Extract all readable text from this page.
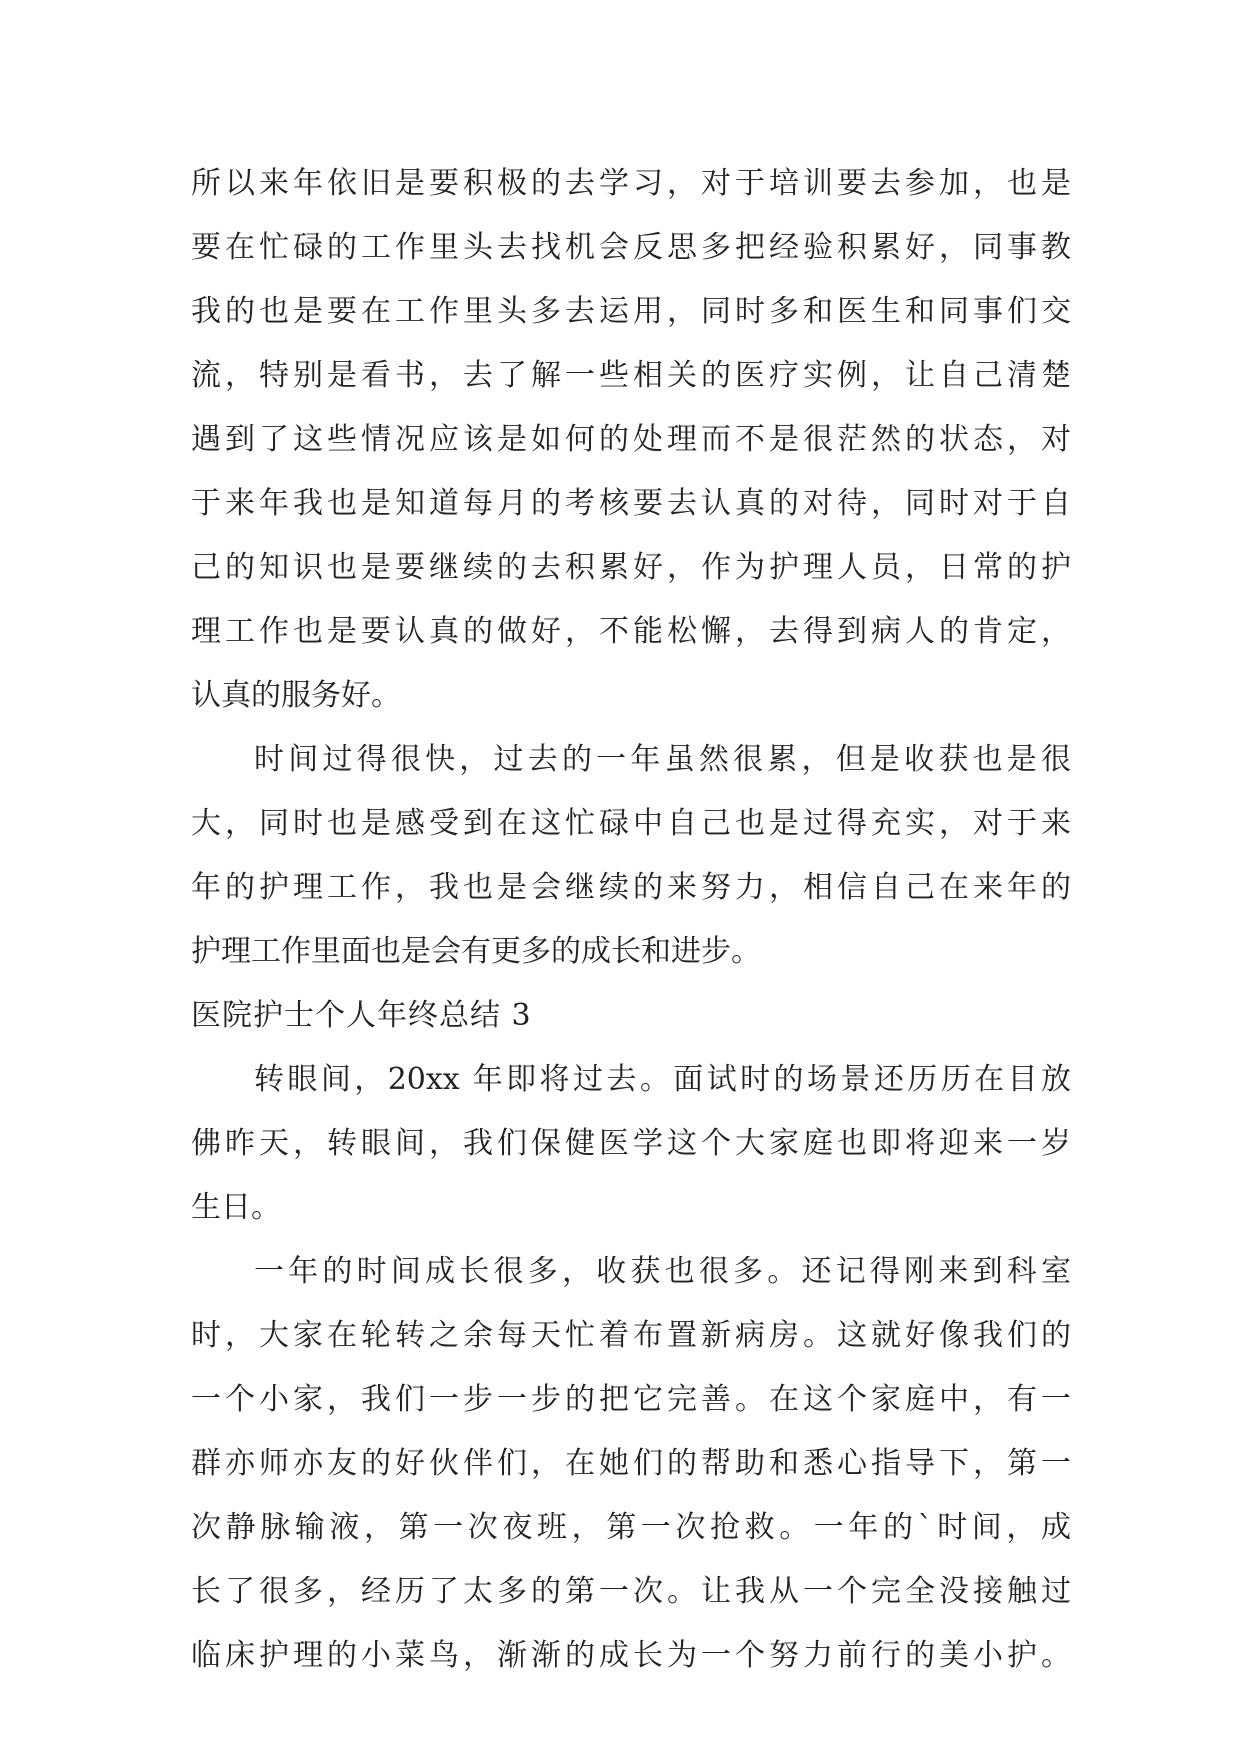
所以来年依旧是要积极的去学习，对于培训要去参加，也是
要在忙碌的工作里头去找机会反思多把经验积累好，同事教
我的也是要在工作里头多去运用，同时多和医生和同事们交
流，特别是看书，去了解一些相关的医疗实例，让自己清楚
遇到了这些情况应该是如何的处理而不是很茫然的状态，对
于来年我也是知道每月的考核要去认真的对待，同时对于自
己的知识也是要继续的去积累好，作为护理人员，日常的护
理工作也是要认真的做好，不能松懈，去得到病人的肯定，
认真的服务好。
时间过得很快，过去的一年虽然很累，但是收获也是很
大，同时也是感受到在这忙碌中自己也是过得充实，对于来
年的护理工作，我也是会继续的来努力，相信自己在来年的
护理工作里面也是会有更多的成长和进步。
医院护士个人年终总结 3
转眼间，20xx 年即将过去。面试时的场景还历历在目放
佛昨天，转眼间，我们保健医学这个大家庭也即将迎来一岁
生日。
一年的时间成长很多，收获也很多。还记得刚来到科室
时，大家在轮转之余每天忙着布置新病房。这就好像我们的
一个小家，我们一步一步的把它完善。在这个家庭中，有一
群亦师亦友的好伙伴们，在她们的帮助和悉心指导下，第一
次静脉输液，第一次夜班，第一次抢救。一年的`时间，成
长了很多，经历了太多的第一次。让我从一个完全没接触过
临床护理的小菜鸟，渐渐的成长为一个努力前行的美小护。
